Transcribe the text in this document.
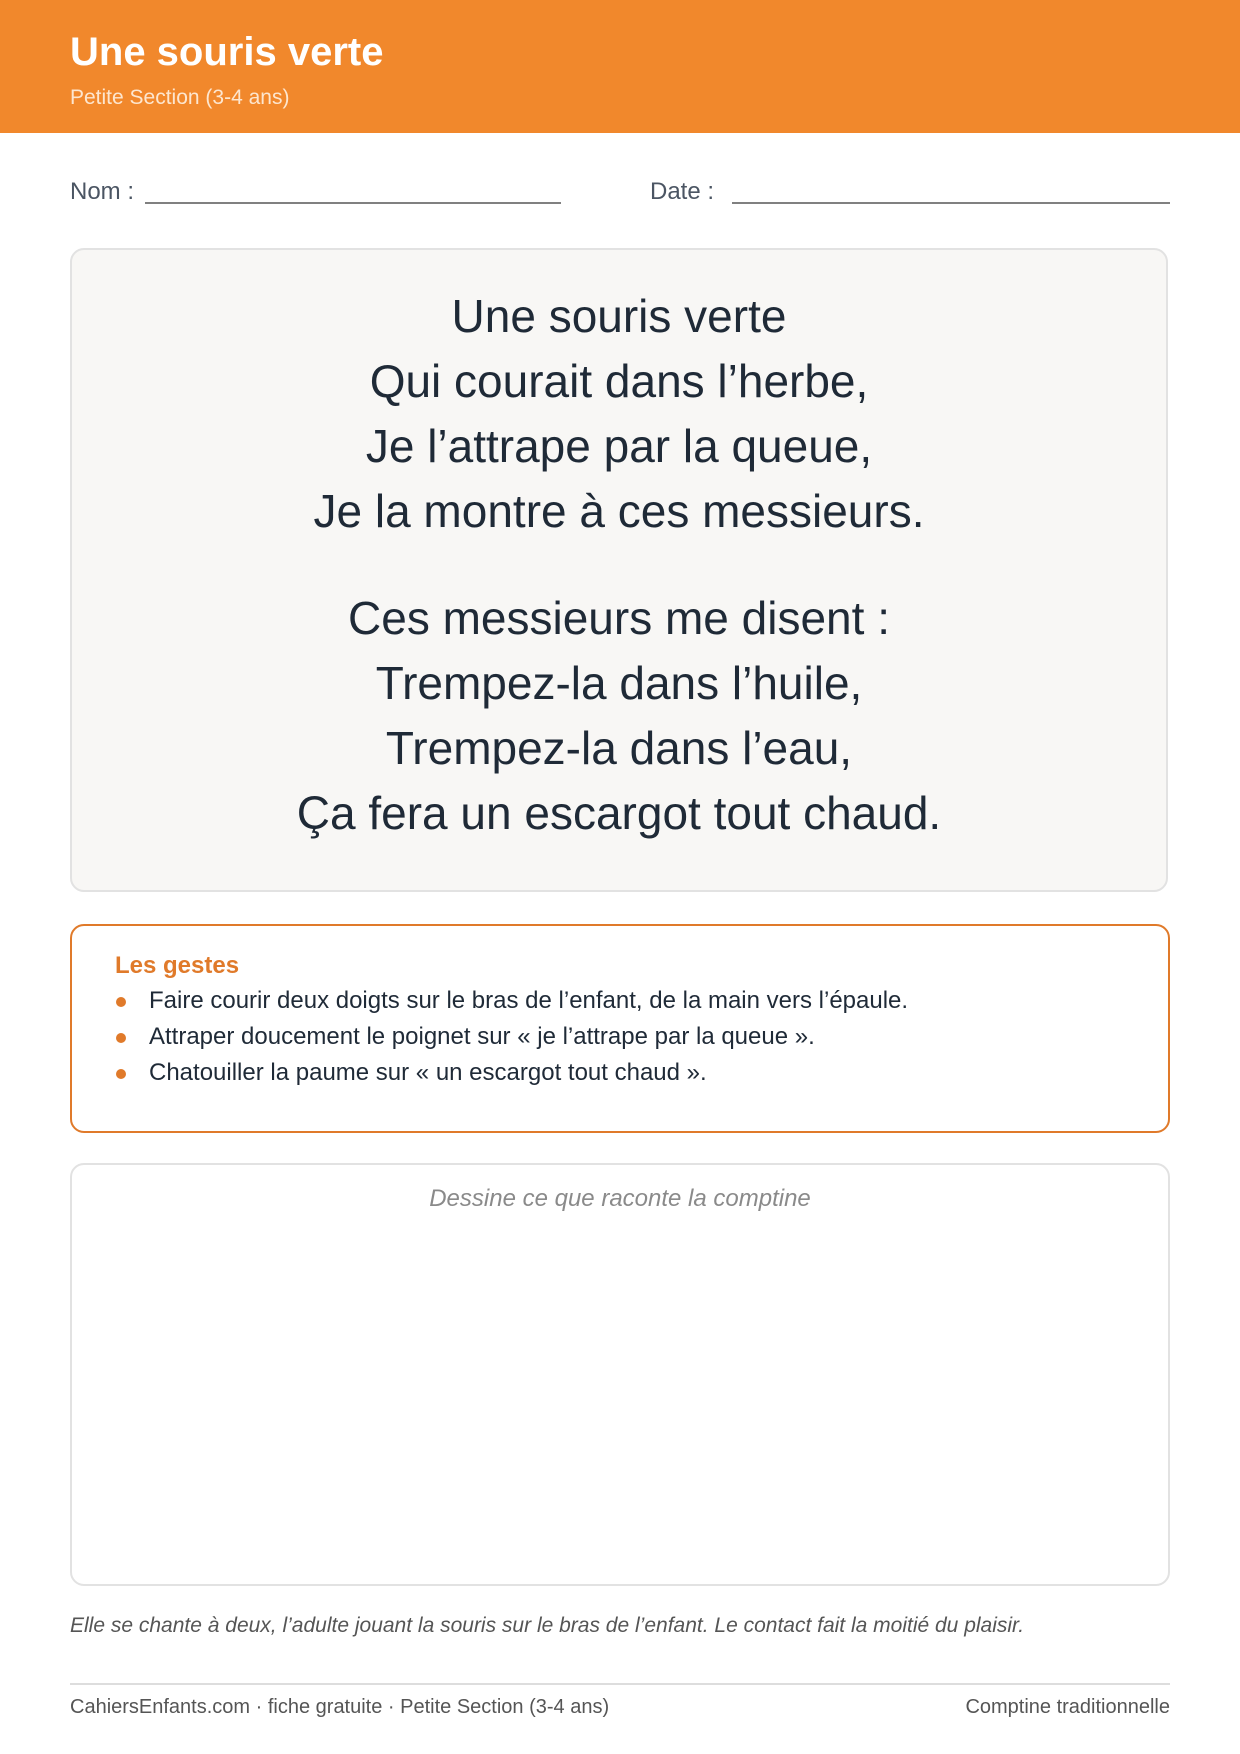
Une souris verte
Petite Section (3-4 ans)
Nom :	Date :
Une souris verte
Qui courait dans l’herbe,
Je l’attrape par la queue,
Je la montre à ces messieurs.
Ces messieurs me disent :
Trempez-la dans l’huile,
Trempez-la dans l’eau,
Ça fera un escargot tout chaud.
Les gestes
Faire courir deux doigts sur le bras de l’enfant, de la main vers l’épaule.
Attraper doucement le poignet sur « je l’attrape par la queue ».
Chatouiller la paume sur « un escargot tout chaud ».
Dessine ce que raconte la comptine
Elle se chante à deux, l’adulte jouant la souris sur le bras de l’enfant. Le contact fait la moitié du plaisir.
CahiersEnfants.com · fiche gratuite · Petite Section (3-4 ans)	Comptine traditionnelle
